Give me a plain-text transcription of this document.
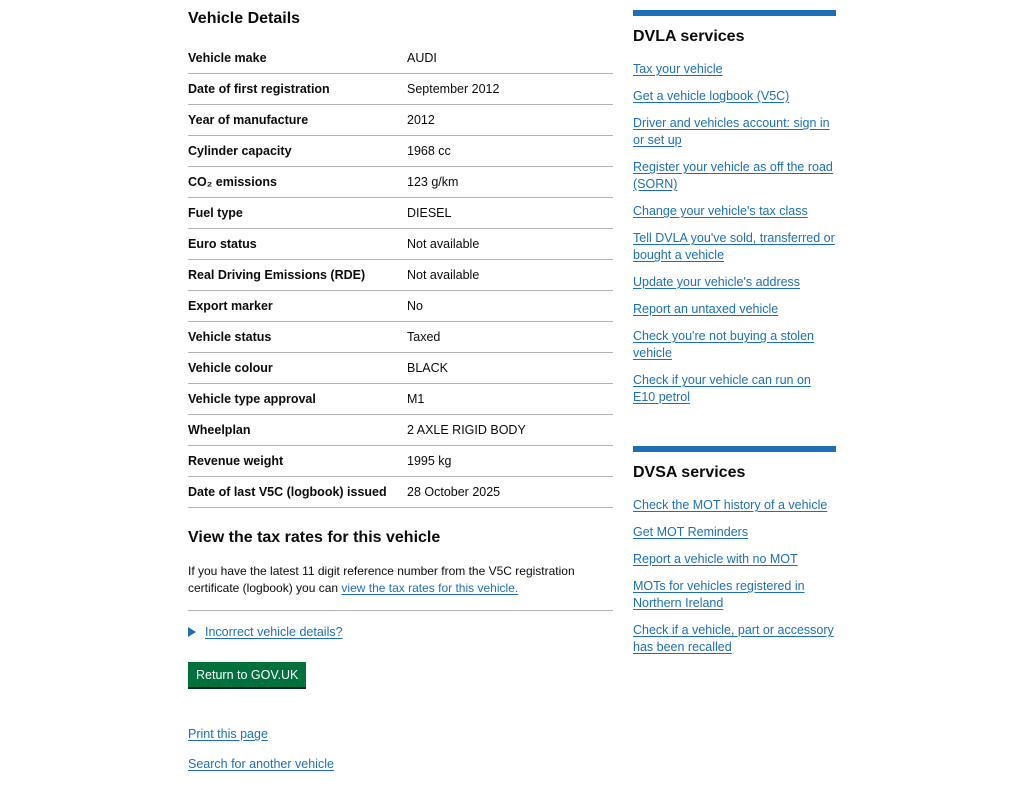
Vehicle Details
Vehicle make	AUDI
Date of first registration	September 2012
Year of manufacture	2012
Cylinder capacity	1968 cc
CO₂ emissions	123 g/km
Fuel type	DIESEL
Euro status	Not available
Real Driving Emissions (RDE)	Not available
Export marker	No
Vehicle status	Taxed
Vehicle colour	BLACK
Vehicle type approval	M1
Wheelplan	2 AXLE RIGID BODY
Revenue weight	1995 kg
Date of last V5C (logbook) issued	28 October 2025
View the tax rates for this vehicle

If you have the latest 11 digit reference number from the V5C registration certificate (logbook) you can view the tax rates for this vehicle.

Incorrect vehicle details?
Return to GOV.UK
Print this page
Search for another vehicle
DVLA services
Tax your vehicle
Get a vehicle logbook (V5C)
Driver and vehicles account: sign in or set up
Register your vehicle as off the road (SORN)
Change your vehicle's tax class
Tell DVLA you've sold, transferred or bought a vehicle
Update your vehicle's address
Report an untaxed vehicle
Check you're not buying a stolen vehicle
Check if your vehicle can run on E10 petrol
DVSA services
Check the MOT history of a vehicle
Get MOT Reminders
Report a vehicle with no MOT
MOTs for vehicles registered in Northern Ireland
Check if a vehicle, part or accessory has been recalled
